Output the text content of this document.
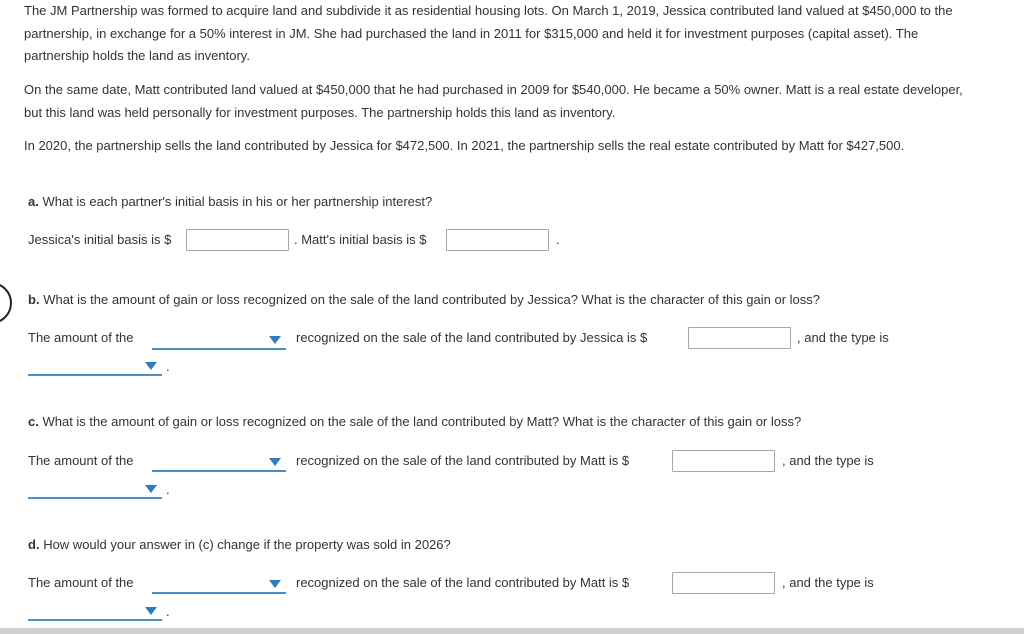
The JM Partnership was formed to acquire land and subdivide it as residential housing lots. On March 1, 2019, Jessica contributed land valued at $450,000 to the partnership, in exchange for a 50% interest in JM. She had purchased the land in 2011 for $315,000 and held it for investment purposes (capital asset). The partnership holds the land as inventory.

On the same date, Matt contributed land valued at $450,000 that he had purchased in 2009 for $540,000. He became a 50% owner. Matt is a real estate developer, but this land was held personally for investment purposes. The partnership holds this land as inventory.

In 2020, the partnership sells the land contributed by Jessica for $472,500. In 2021, the partnership sells the real estate contributed by Matt for $427,500.

a. What is each partner's initial basis in his or her partnership interest?
Jessica's initial basis is $	. Matt's initial basis is $	.
b. What is the amount of gain or loss recognized on the sale of the land contributed by Jessica? What is the character of this gain or loss?
The amount of the	recognized on the sale of the land contributed by Jessica is $	, and the type is
.
c. What is the amount of gain or loss recognized on the sale of the land contributed by Matt? What is the character of this gain or loss?
The amount of the	recognized on the sale of the land contributed by Matt is $	, and the type is
.
d. How would your answer in (c) change if the property was sold in 2026?
The amount of the	recognized on the sale of the land contributed by Matt is $	, and the type is
.
